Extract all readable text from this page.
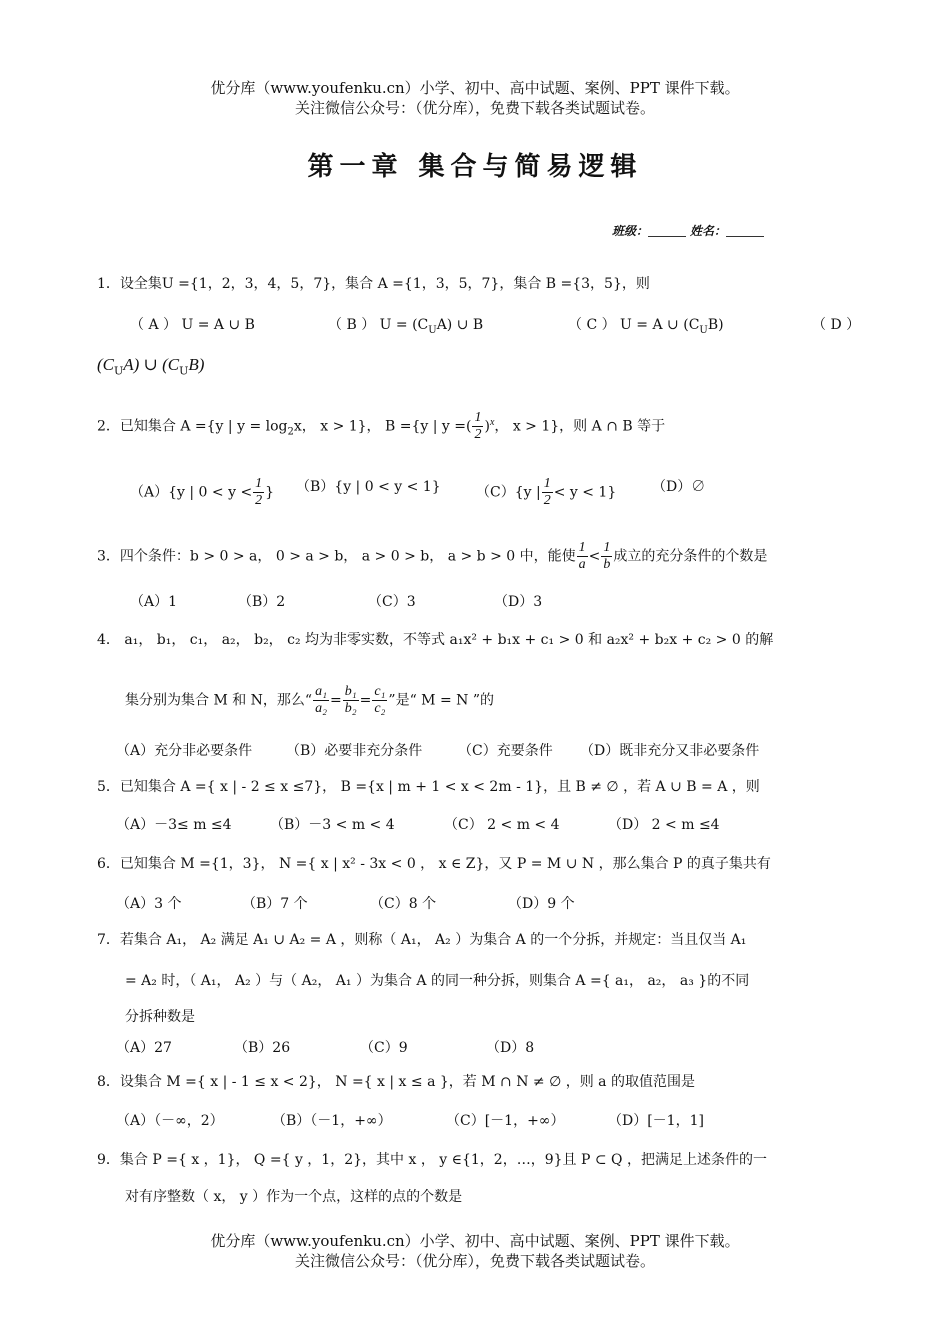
优分库（www.youfenku.cn）小学、初中、高中试题、案例、PPT 课件下载。
关注微信公众号：（优分库），免费下载各类试题试卷。
第一章 集合与简易逻辑
班级：	姓名：
1．设全集U ={1，2，3，4，5，7}，集合 A ={1，3，5，7}，集合 B ={3，5}，则
（ A ） U = A ∪ B	（ B ） $U = (C_UA)$ ∪ B	（ C ） U = A ∪ $(C_UB)$	（ D ）
$(C_UA)$ ∪ $(C_UB)$
2．已知集合 A ={y | $y = \log_2x$， x > 1}， B ={y | y =( $\frac{1}{2} )^x$， x > 1}，则 A ∩ B 等于
（A）{y | $0 < y < \frac{1}{2}$ } （B）{y | 0 < y < 1}	（C）{y | $\frac{1}{2} < y < 1$}	（D）∅
3．四个条件：b > 0 > a， 0 > a > b， a > 0 > b， a > b > 0 中，能使 $\frac{1}{a} < \frac{1}{b}$ 成立的充分条件的个数是
（A）1	（B）2	（C）3	（D）3
4． a₁， b₁， c₁， a₂， b₂， c₂ 均为非零实数，不等式 a₁x² + b₁x + c₁ > 0 和 a₂x² + b₂x + c₂ > 0 的解
集分别为集合 M 和 N，那么“ $\frac{\text{a₁}}{\text{a₂}} = \frac{\text{b₁}}{\text{b₂}} = \frac{\text{c₁}}{\text{c₂}}$ ”是“ M = N ”的
（A）充分非必要条件 （B）必要非充分条件	（C）充要条件 （D）既非充分又非必要条件
5．已知集合 A ={ x | - 2 ≤ x ≤7}， B ={x | m + 1 < x < 2m - 1}，且 B ≠ ∅ ，若 A ∪ B = A ，则
（A）－3≤ m ≤4	（B）－3 < m < 4	（C） 2 < m < 4	（D） 2 < m ≤4
6．已知集合 M ={1，3}， N ={ x | x² - 3x < 0 ， x ∈ Z}，又 P = M ∪ N ，那么集合 P 的真子集共有
（A）3 个	（B）7 个	（C）8 个	（D）9 个
7．若集合 A₁， A₂ 满足 A₁ ∪ A₂ = A ，则称（ A₁， A₂ ）为集合 A 的一个分拆，并规定：当且仅当 A₁
= A₂ 时，（ A₁， A₂ ）与（ A₂， A₁ ）为集合 A 的同一种分拆，则集合 A ={ a₁， a₂， a₃ }的不同
分拆种数是
（A）27	（B）26	（C）9	（D）8
8．设集合 M ={ x | - 1 ≤ x < 2}， N ={ x | x ≤ a }，若 M ∩ N ≠ ∅ ，则 a 的取值范围是
（A）（－∞，2）	（B）（－1，+∞）	（C）[－1，+∞）	（D）[－1，1]
9．集合 P ={ x ，1}， Q ={ y ，1，2}，其中 x ， y ∈{1，2，…，9}且 P ⊂ Q ，把满足上述条件的一
对有序整数（ x， y ）作为一个点，这样的点的个数是
优分库（www.youfenku.cn）小学、初中、高中试题、案例、PPT 课件下载。
关注微信公众号：（优分库），免费下载各类试题试卷。
